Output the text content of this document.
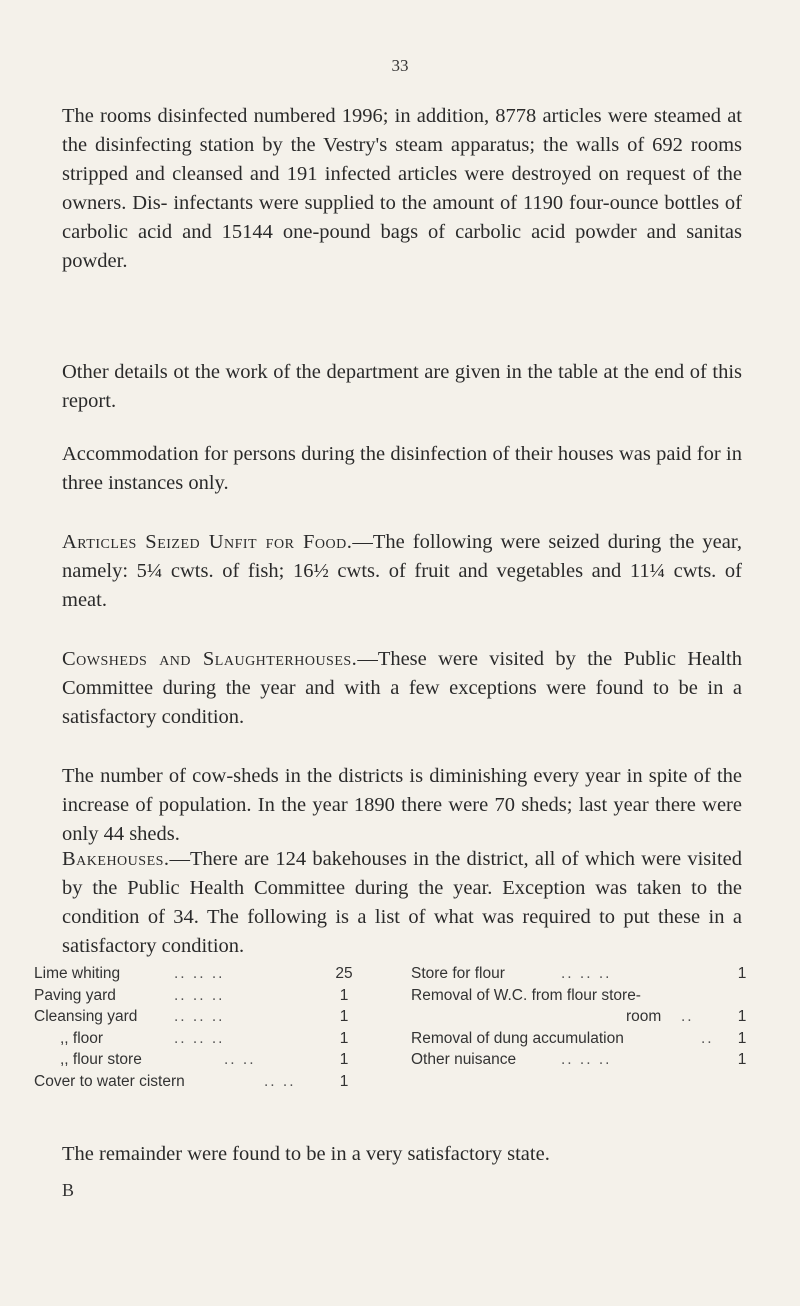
33

The rooms disinfected numbered 1996; in addition, 8778 articles were steamed at the disinfecting station by the Vestry's steam apparatus; the walls of 692 rooms stripped and cleansed and 191 infected articles were destroyed on request of the owners. Dis- infectants were supplied to the amount of 1190 four-ounce bottles of carbolic acid and 15144 one-pound bags of carbolic acid powder and sanitas powder.

Other details ot the work of the department are given in the table at the end of this report.

Accommodation for persons during the disinfection of their houses was paid for in three instances only.

Articles Seized Unfit for Food.—The following were seized during the year, namely: 5¼ cwts. of fish; 16½ cwts. of fruit and vegetables and 11¼ cwts. of meat.

Cowsheds and Slaughterhouses.—These were visited by the Public Health Committee during the year and with a few exceptions were found to be in a satisfactory condition.

The number of cow-sheds in the districts is diminishing every year in spite of the increase of population. In the year 1890 there were 70 sheds; last year there were only 44 sheds.

Bakehouses.—There are 124 bakehouses in the district, all of which were visited by the Public Health Committee during the year. Exception was taken to the condition of 34. The following is a list of what was required to put these in a satisfactory condition.

Lime whiting	.. .. ..	25
Paving yard	.. .. ..	1
Cleansing yard .. .. ..	1
,, floor	.. .. ..	1
,, flour store	.. ..	1
Cover to water cistern	.. ..	1
Store for flour	.. .. ..	1
Removal of W.C. from flour store-
room ..	1
Removal of dung accumulation	.. 1
Other nuisance	.. .. ..	1

The remainder were found to be in a very satisfactory state.

B
